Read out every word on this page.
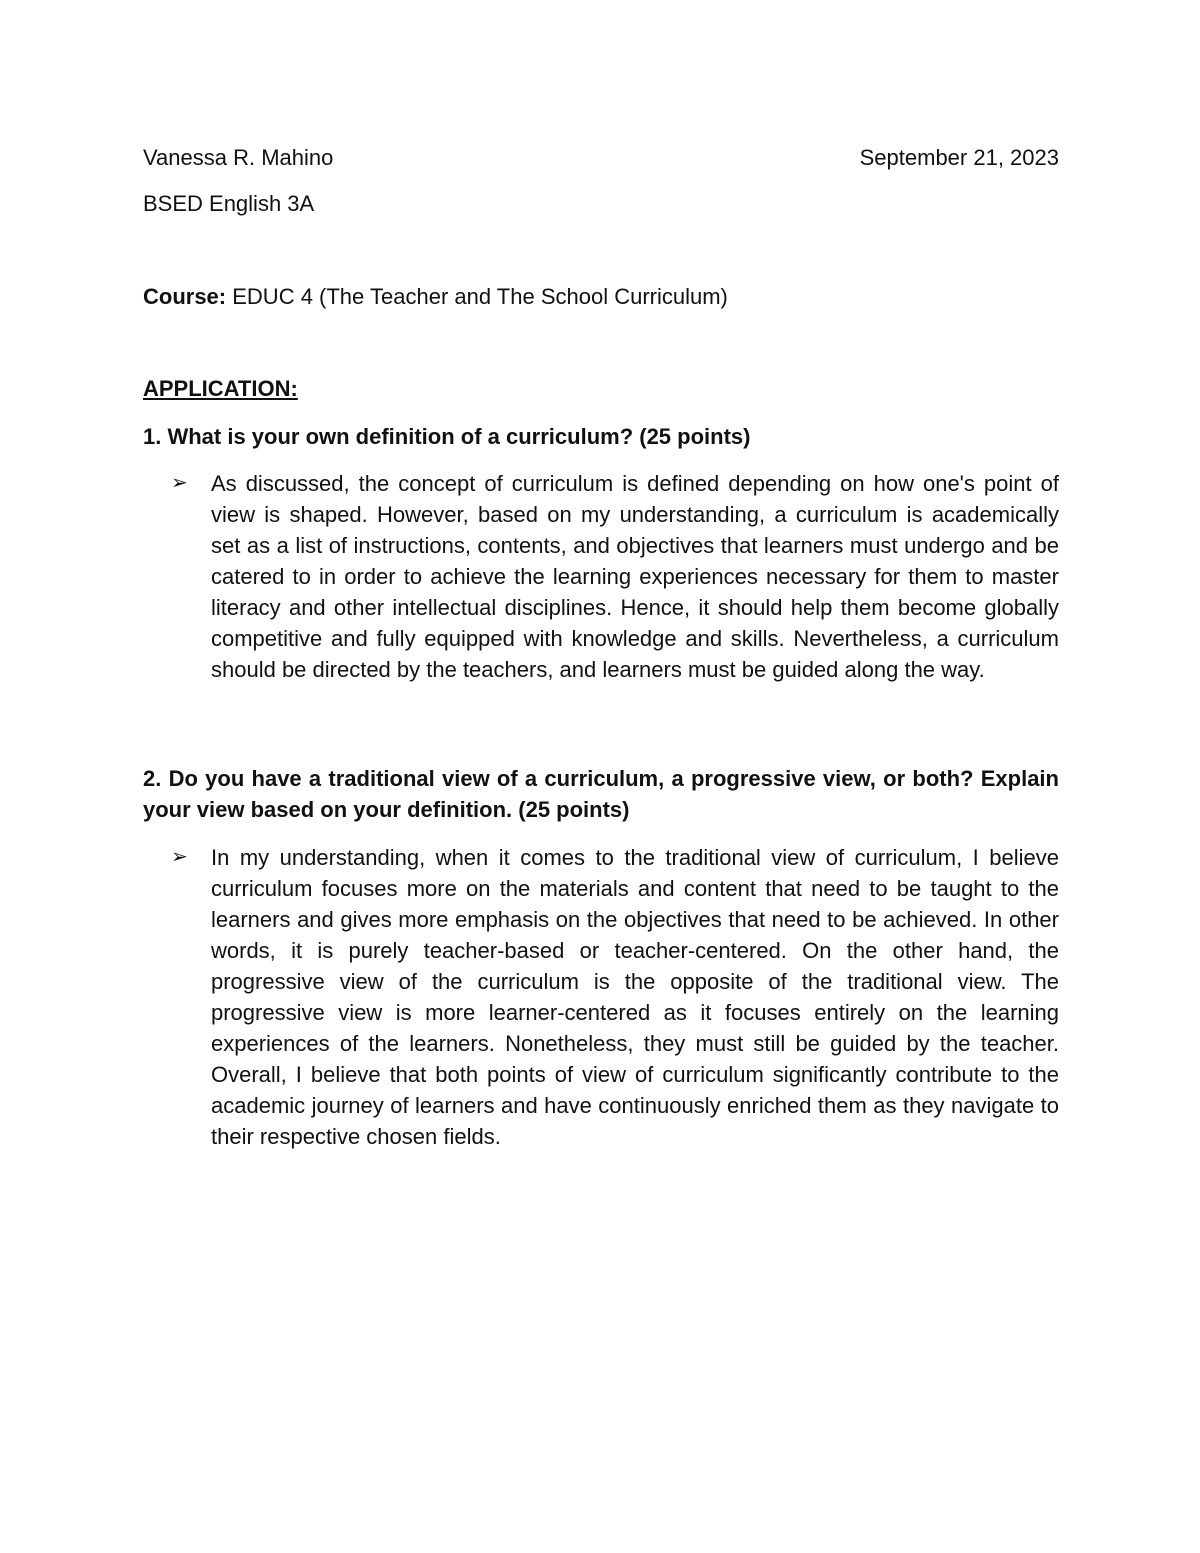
Vanessa R. Mahino	September 21, 2023
BSED English 3A
Course: EDUC 4 (The Teacher and The School Curriculum)
APPLICATION:
1. What is your own definition of a curriculum? (25 points)
➢ As discussed, the concept of curriculum is defined depending on how one's point of view is shaped. However, based on my understanding, a curriculum is academically set as a list of instructions, contents, and objectives that learners must undergo and be catered to in order to achieve the learning experiences necessary for them to master literacy and other intellectual disciplines. Hence, it should help them become globally competitive and fully equipped with knowledge and skills. Nevertheless, a curriculum should be directed by the teachers, and learners must be guided along the way.
2. Do you have a traditional view of a curriculum, a progressive view, or both? Explain your view based on your definition. (25 points)
➢ In my understanding, when it comes to the traditional view of curriculum, I believe curriculum focuses more on the materials and content that need to be taught to the learners and gives more emphasis on the objectives that need to be achieved. In other words, it is purely teacher-based or teacher-centered. On the other hand, the progressive view of the curriculum is the opposite of the traditional view. The progressive view is more learner-centered as it focuses entirely on the learning experiences of the learners. Nonetheless, they must still be guided by the teacher. Overall, I believe that both points of view of curriculum significantly contribute to the academic journey of learners and have continuously enriched them as they navigate to their respective chosen fields.
